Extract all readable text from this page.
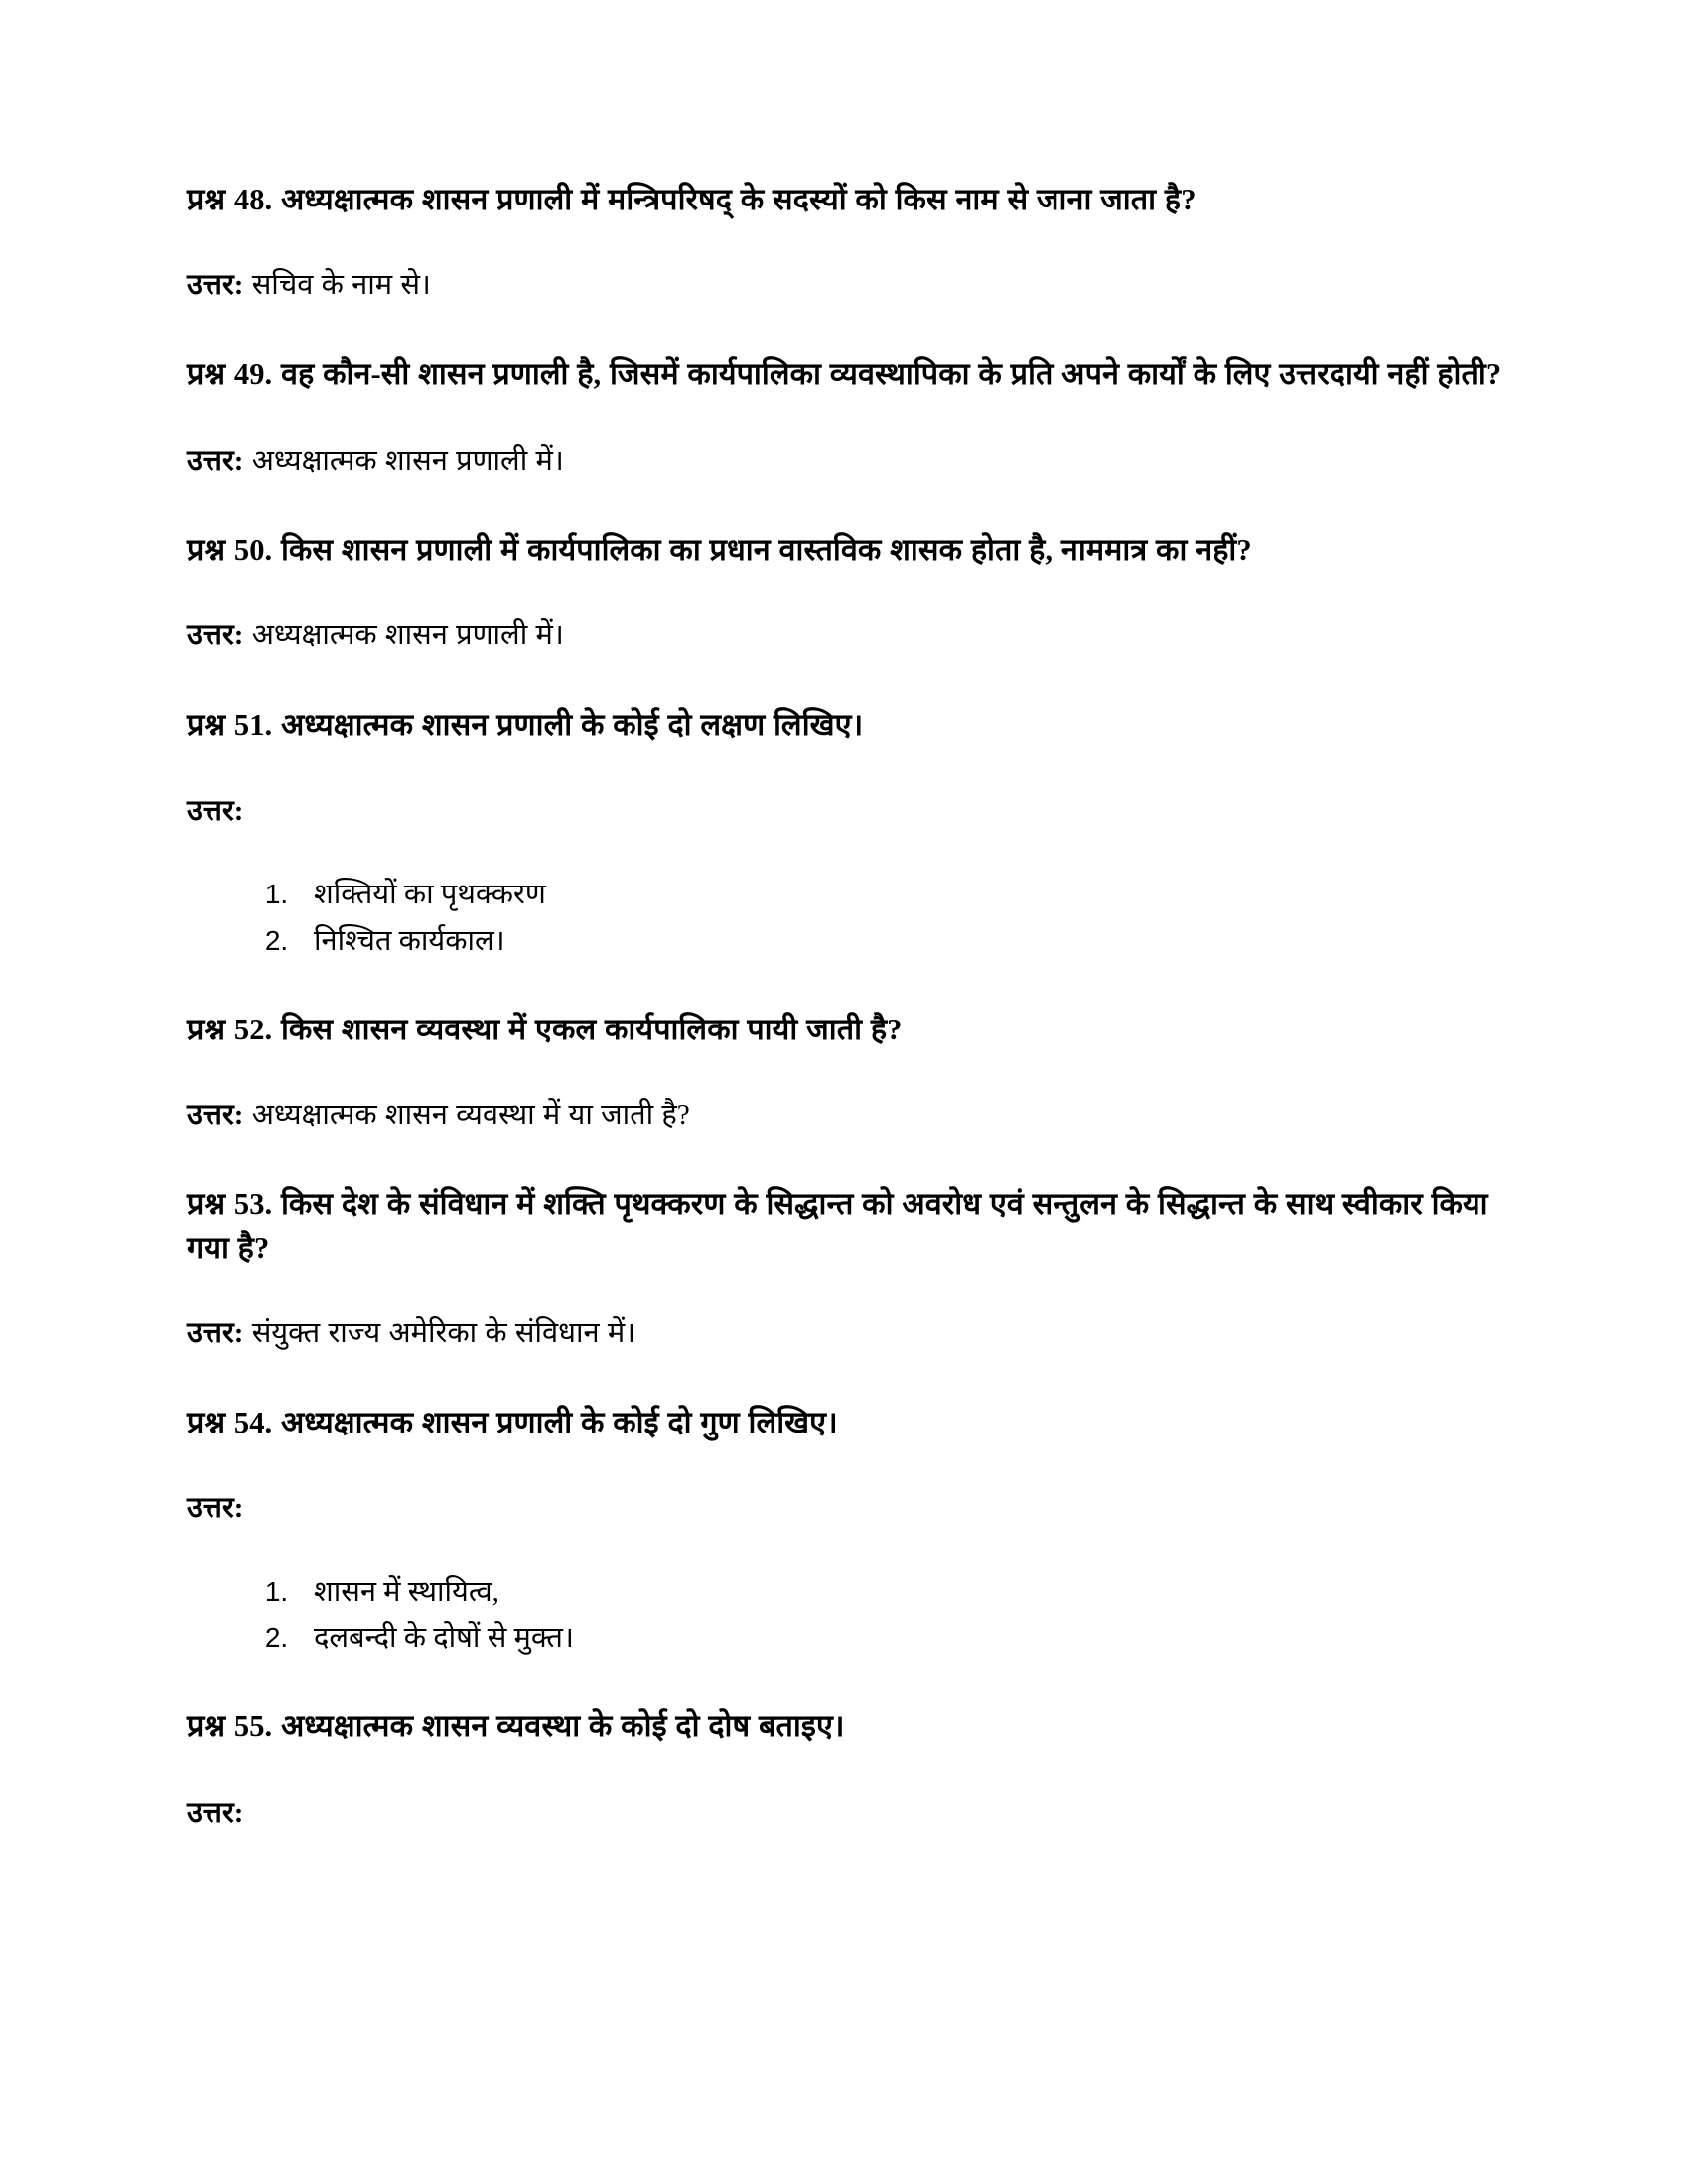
प्रश्न 48. अध्यक्षात्मक शासन प्रणाली में मन्त्रिपरिषद् के सदस्यों को किस नाम से जाना जाता है?

उत्तर: सचिव के नाम से।

प्रश्न 49. वह कौन-सी शासन प्रणाली है, जिसमें कार्यपालिका व्यवस्थापिका के प्रति अपने कार्यों के लिए उत्तरदायी नहीं होती?

उत्तर: अध्यक्षात्मक शासन प्रणाली में।

प्रश्न 50. किस शासन प्रणाली में कार्यपालिका का प्रधान वास्तविक शासक होता है, नाममात्र का नहीं?

उत्तर: अध्यक्षात्मक शासन प्रणाली में।

प्रश्न 51. अध्यक्षात्मक शासन प्रणाली के कोई दो लक्षण लिखिए।

उत्तर:

1. शक्तियों का पृथक्करण
2. निश्चित कार्यकाल।

प्रश्न 52. किस शासन व्यवस्था में एकल कार्यपालिका पायी जाती है?

उत्तर: अध्यक्षात्मक शासन व्यवस्था में या जाती है?

प्रश्न 53. किस देश के संविधान में शक्ति पृथक्करण के सिद्धान्त को अवरोध एवं सन्तुलन के सिद्धान्त के साथ स्वीकार किया गया है?

उत्तर: संयुक्त राज्य अमेरिका के संविधान में।

प्रश्न 54. अध्यक्षात्मक शासन प्रणाली के कोई दो गुण लिखिए।

उत्तर:

1. शासन में स्थायित्व,
2. दलबन्दी के दोषों से मुक्त।

प्रश्न 55. अध्यक्षात्मक शासन व्यवस्था के कोई दो दोष बताइए।

उत्तर:
